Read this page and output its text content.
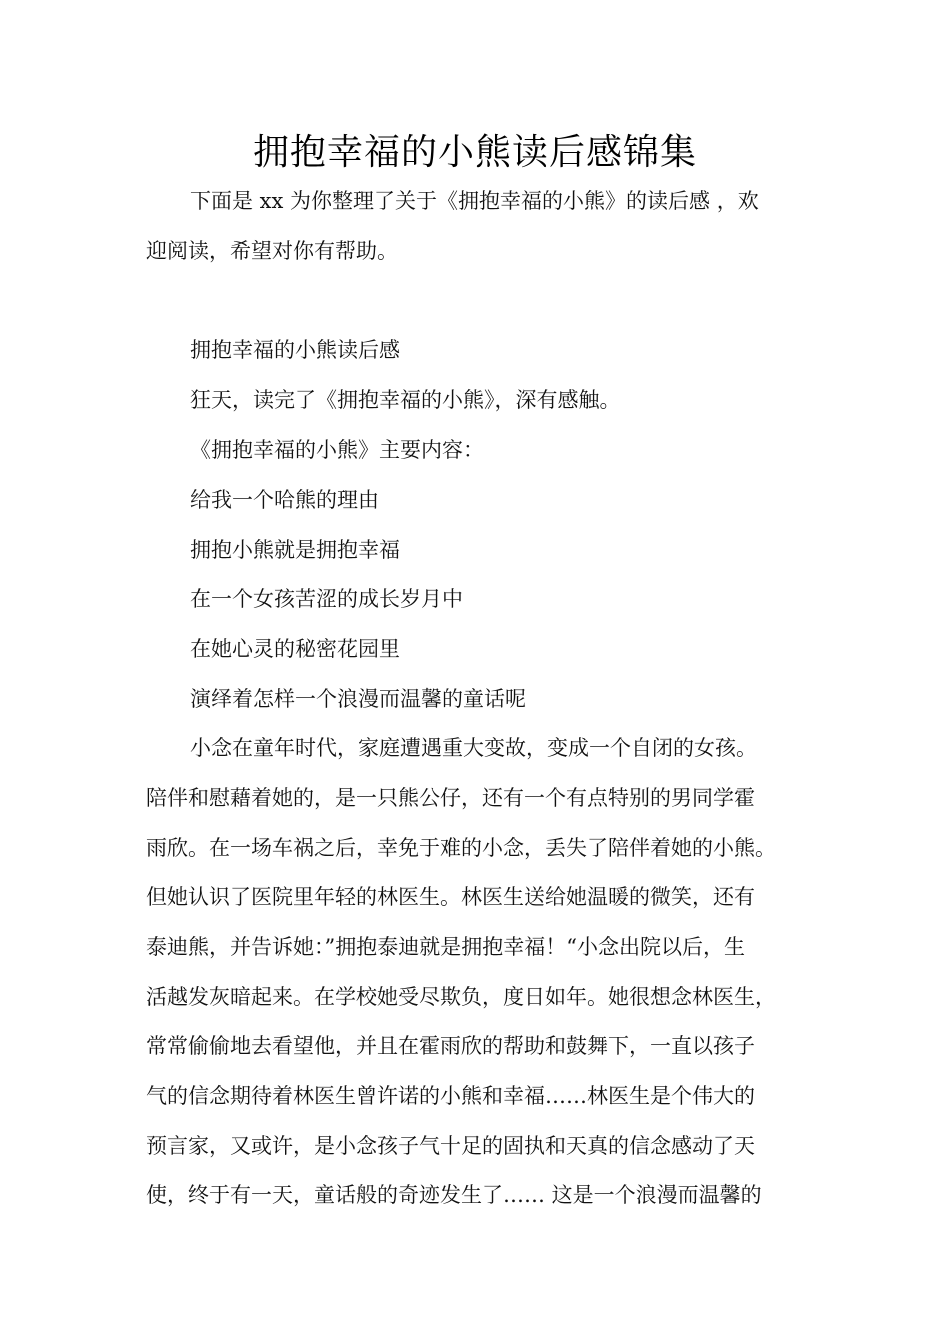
拥抱幸福的小熊读后感锦集
下面是 xx 为你整理了关于《拥抱幸福的小熊》的读后感 ，欢
迎阅读，希望对你有帮助。
拥抱幸福的小熊读后感
狂天，读完了《拥抱幸福的小熊》，深有感触。
《拥抱幸福的小熊》主要内容：
给我一个哈熊的理由
拥抱小熊就是拥抱幸福
在一个女孩苦涩的成长岁月中
在她心灵的秘密花园里
演绎着怎样一个浪漫而温馨的童话呢
小念在童年时代，家庭遭遇重大变故，变成一个自闭的女孩。
陪伴和慰藉着她的，是一只熊公仔，还有一个有点特别的男同学霍
雨欣。在一场车祸之后，幸免于难的小念，丢失了陪伴着她的小熊。
但她认识了医院里年轻的林医生。林医生送给她温暖的微笑，还有
泰迪熊，并告诉她：”拥抱泰迪就是拥抱幸福！“小念出院以后，生
活越发灰暗起来。在学校她受尽欺负，度日如年。她很想念林医生，
常常偷偷地去看望他，并且在霍雨欣的帮助和鼓舞下，一直以孩子
气的信念期待着林医生曾许诺的小熊和幸福……林医生是个伟大的
预言家，又或许，是小念孩子气十足的固执和天真的信念感动了天
使，终于有一天，童话般的奇迹发生了…… 这是一个浪漫而温馨的
